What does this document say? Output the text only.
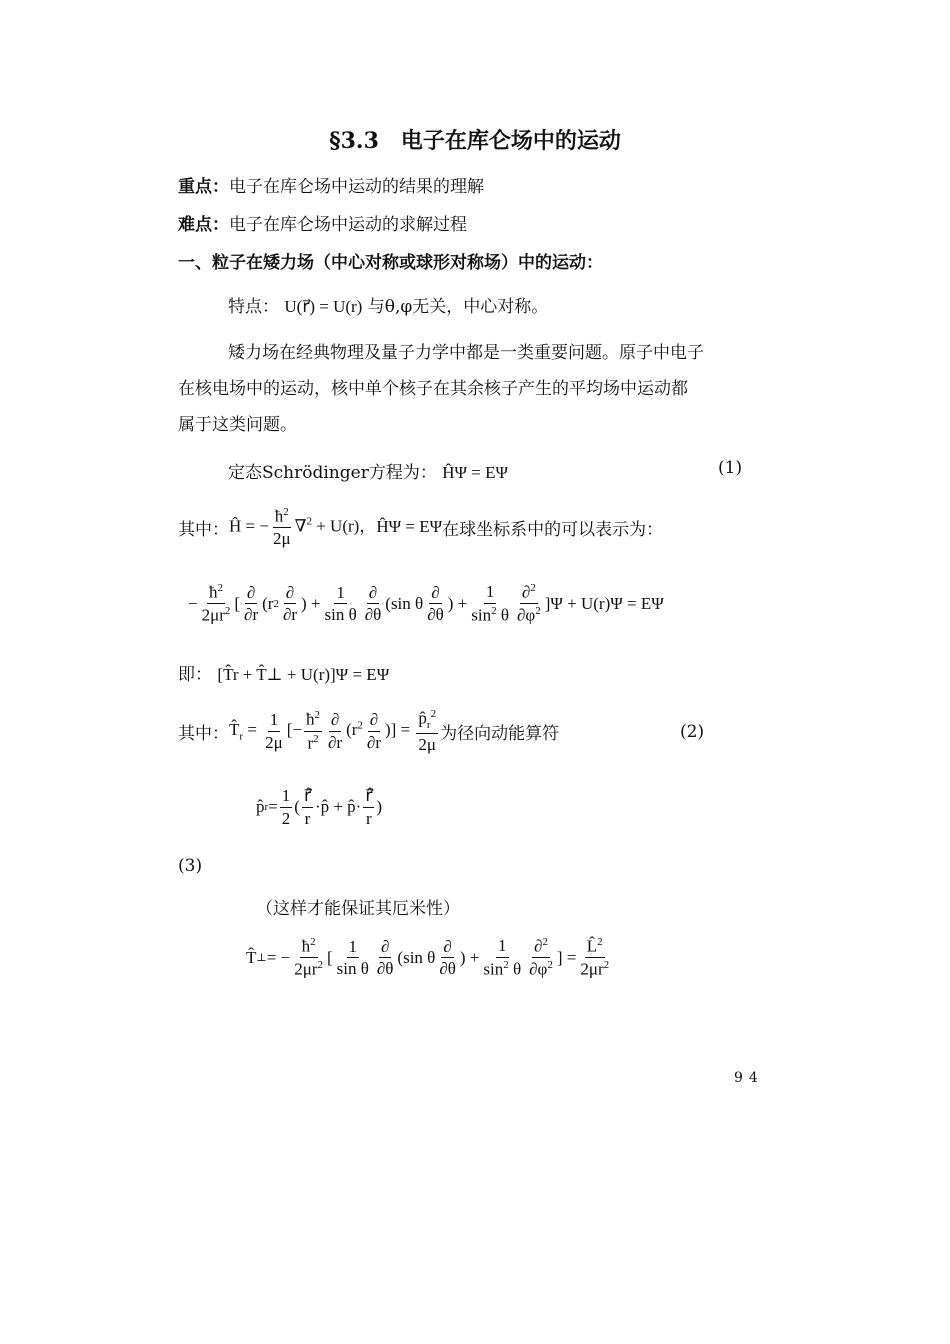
§3.3　电子在库仑场中的运动
重点：电子在库仑场中运动的结果的理解
难点：电子在库仑场中运动的求解过程
一、粒子在矮力场（中心对称或球形对称场）中的运动：
特点： U(r⃗) = U(r) 与θ,φ无关，中心对称。
矮力场在经典物理及量子力学中都是一类重要问题。原子中电子
在核电场中的运动，核中单个核子在其余核子产生的平均场中运动都
属于这类问题。
定态Schrödinger方程为： ĤΨ = EΨ	(1)
其中： Ĥ = − $\frac{ħ^2}{2\mu} \nabla^2 + U(r)$， ĤΨ = EΨ 在球坐标系中的可以表示为：
− $\frac{ħ^2}{2\mu r^2}$ [ $\frac{\partial}{\partial r} (r$ $2 \frac{\partial}{\partial r}$ ) + $\frac{1}{\text{sin θ}} \frac{\partial}{\partial\theta} (\sin$ θ $\frac{\partial}{\partial\theta}$ ) + $\frac{1}{\sin^2 \theta} \frac{\partial^2}{\partial\varphi^2} ]\Psi + U(r)\Psi = E\Psi$
即： [T̂r + T̂⊥ + U(r)]Ψ = EΨ
其中： $T̂_r = \frac{1}{2\mu}$ [− $\frac{ħ^2}{r^2} \frac{\partial}{\partial r} (r^2 \frac{\partial}{\partial r}$ )] = $\frac{p̂_r^2}{2\mu}$ 为径向动能算符	(2)
p̂ $r = \frac{1}{2}$ ( $\frac{r̂⃗}{r}$ ·p̂ + p̂· $\frac{r̂⃗}{r}$ )
(3)
（这样才能保证其厄米性）
T̂ ⊥ = − $\frac{ħ^2}{2\mu r^2}$ [ $\frac{1}{\text{sin θ}} \frac{\partial}{\partial\theta} (\sin$ θ $\frac{\partial}{\partial\theta}$ ) + $\frac{1}{\sin^2 \theta} \frac{\partial^2}{\partial\varphi^2}$ ] = $\frac{L̂^2}{2\mu r^2}$
94
